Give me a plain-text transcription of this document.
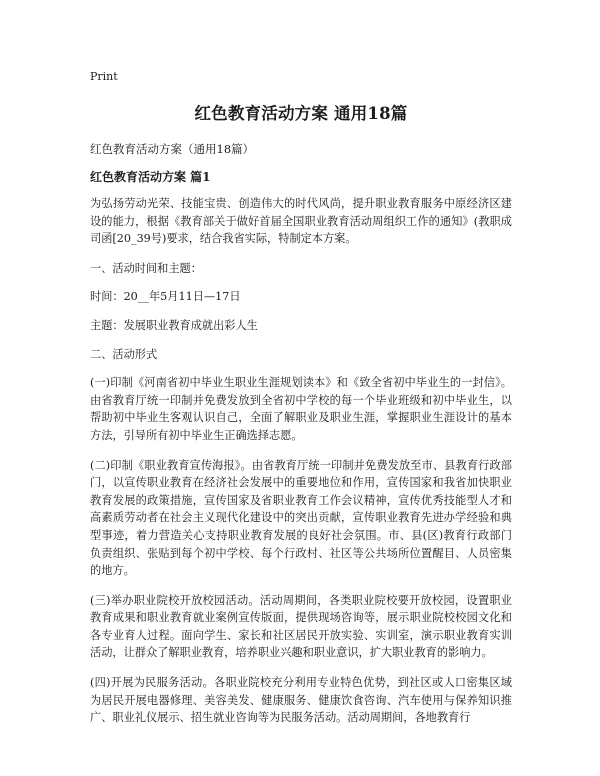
Print
红色教育活动方案 通用18篇
红色教育活动方案（通用18篇）
红色教育活动方案 篇1

为弘扬劳动光荣、技能宝贵、创造伟大的时代风尚，提升职业教育服务中原经济区建设的能力，根据《教育部关于做好首届全国职业教育活动周组织工作的通知》(教职成司函[20_39号)要求，结合我省实际，特制定本方案。

一、活动时间和主题：

时间：20__年5月11日—17日

主题：发展职业教育成就出彩人生

二、活动形式

(一)印制《河南省初中毕业生职业生涯规划读本》和《致全省初中毕业生的一封信》。由省教育厅统一印制并免费发放到全省初中学校的每一个毕业班级和初中毕业生，以帮助初中毕业生客观认识自己，全面了解职业及职业生涯，掌握职业生涯设计的基本方法，引导所有初中毕业生正确选择志愿。

(二)印制《职业教育宣传海报》。由省教育厅统一印制并免费发放至市、县教育行政部门，以宣传职业教育在经济社会发展中的重要地位和作用，宣传国家和我省加快职业教育发展的政策措施，宣传国家及省职业教育工作会议精神，宣传优秀技能型人才和高素质劳动者在社会主义现代化建设中的突出贡献，宣传职业教育先进办学经验和典型事迹，着力营造关心支持职业教育发展的良好社会氛围。市、县(区)教育行政部门负责组织、张贴到每个初中学校、每个行政村、社区等公共场所位置醒目、人员密集的地方。

(三)举办职业院校开放校园活动。活动周期间，各类职业院校要开放校园，设置职业教育成果和职业教育就业案例宣传版面，提供现场咨询等，展示职业院校校园文化和各专业育人过程。面向学生、家长和社区居民开放实验、实训室，演示职业教育实训活动，让群众了解职业教育，培养职业兴趣和职业意识，扩大职业教育的影响力。

(四)开展为民服务活动。各职业院校充分利用专业特色优势，到社区或人口密集区域为居民开展电器修理、美容美发、健康服务、健康饮食咨询、汽车使用与保养知识推广、职业礼仪展示、招生就业咨询等为民服务活动。活动周期间，各地教育行
